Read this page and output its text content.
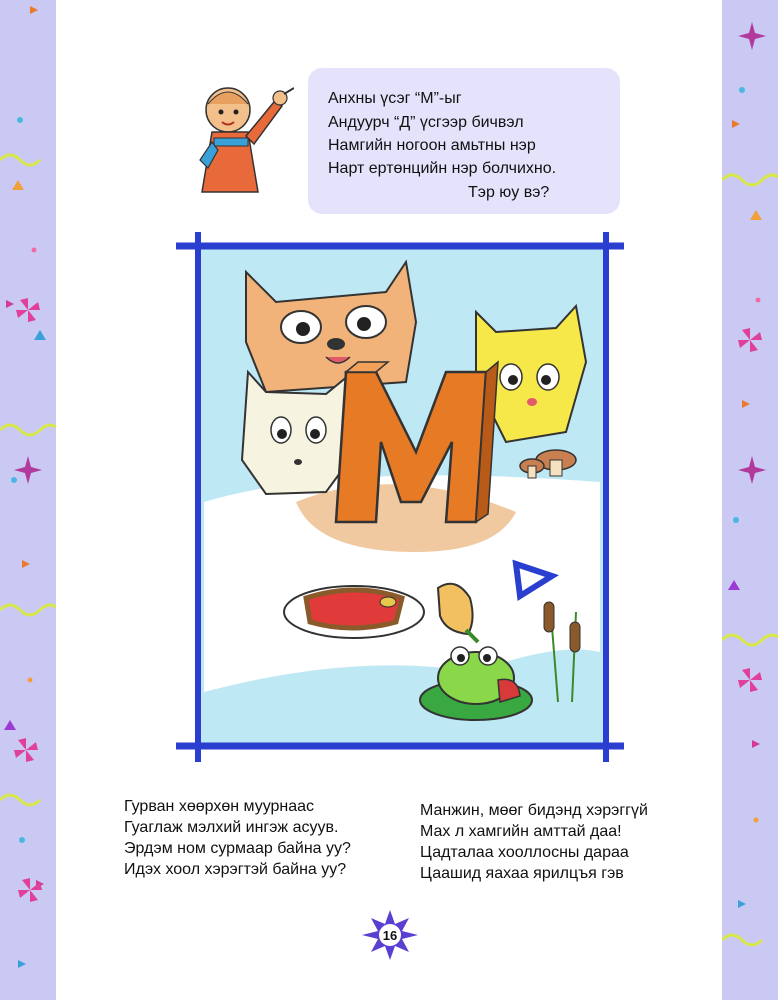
Анхны үсэг “М”-ыг
Андуурч “Д” үсгээр бичвэл
Намгийн ногоон амьтны нэр
Нарт ертөнцийн нэр болчихно.
Тэр юу вэ?
Гурван хөөрхөн муурнаас
Гуаглаж мэлхий ингэж асуув.
Эрдэм ном сурмаар байна уу?
Идэх хоол хэрэгтэй байна уу?
Манжин, мөөг бидэнд хэрэггүй
Мах л хамгийн амттай даа!
Цадталаа хооллосны дараа
Цаашид яахаа ярилцъя гэв
16
